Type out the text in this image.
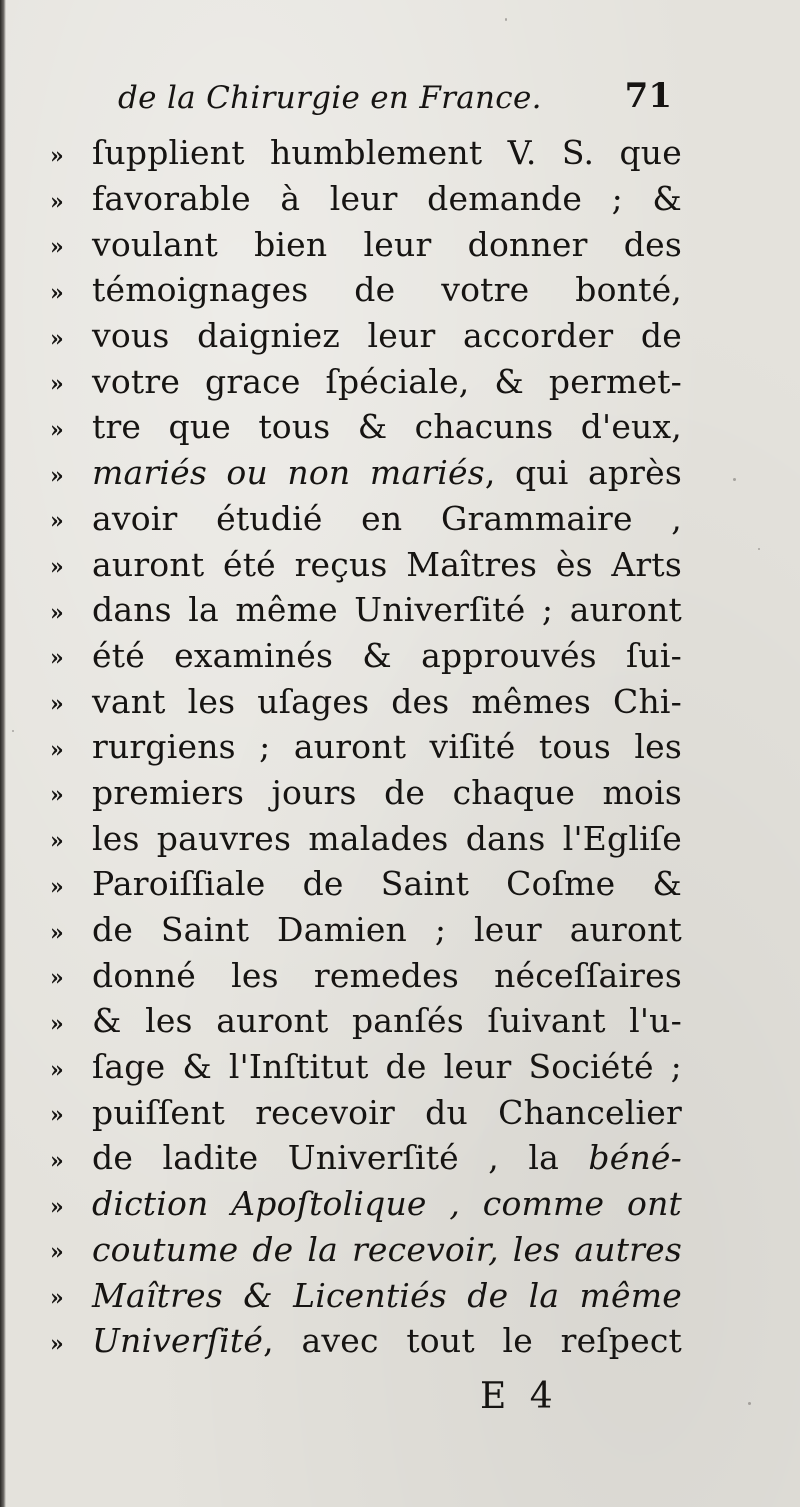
de la Chirurgie en France. 71
» ſupplient humblement V. S. que
» favorable à leur demande ; &
» voulant bien leur donner des
» témoignages de votre bonté,
» vous daigniez leur accorder de
» votre grace ſpéciale, & permet-
» tre que tous & chacuns d'eux,
» mariés ou non mariés, qui après
» avoir étudié en Grammaire ,
» auront été reçus Maîtres ès Arts
» dans la même Univerſité ; auront
» été examinés & approuvés ſui-
» vant les uſages des mêmes Chi-
» rurgiens ; auront viſité tous les
» premiers jours de chaque mois
» les pauvres malades dans l'Egliſe
» Paroiſſiale de Saint Coſme &
» de Saint Damien ; leur auront
» donné les remedes néceſſaires
» & les auront panſés ſuivant l'u-
» ſage & l'Inſtitut de leur Société ;
» puiſſent recevoir du Chancelier
» de ladite Univerſité , la béné-
» diction Apoſtolique , comme ont
» coutume de la recevoir, les autres
» Maîtres & Licentiés de la même
» Univerſité, avec tout le reſpect
E 4
